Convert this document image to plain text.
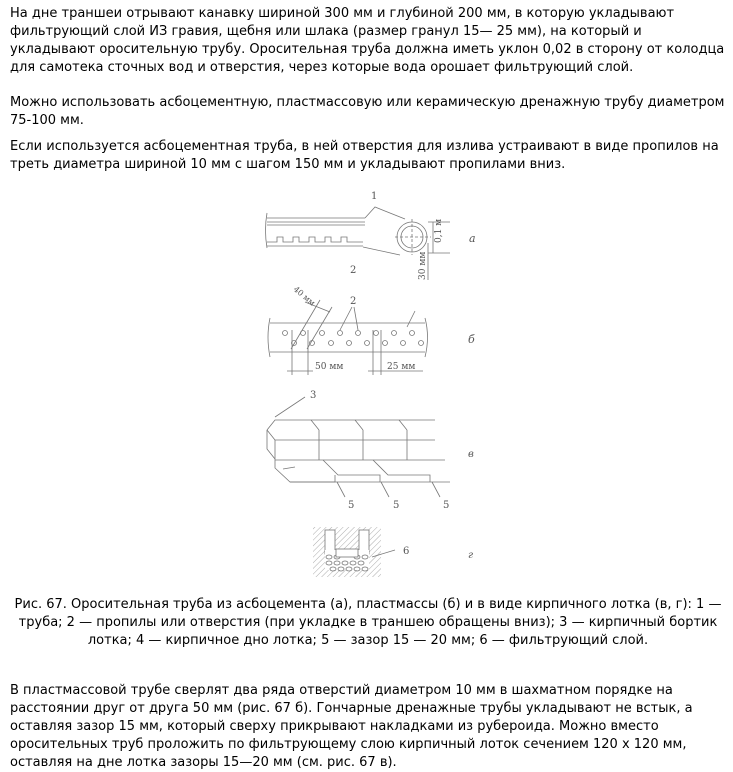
На дне траншеи отрывают канавку шириной 300 мм и глубиной 200 мм, в которую укладывают фильтрующий слой ИЗ гравия, щебня или шлака (размер гранул 15— 25 мм), на который и укладывают оросительную трубу. Оросительная труба должна иметь уклон 0,02 в сторону от колодца для самотека сточных вод и отверстия, через которые вода орошает фильтрующий слой.

Можно использовать асбоцементную, пластмассовую или керамическую дренажную трубу диаметром 75-100 мм.

Если используется асбоцементная труба, в ней отверстия для излива устраивают в виде пропилов на треть диаметра шириной 10 мм с шагом 150 мм и укладывают пропилами вниз.

1
2
0,1 м
30 мм
а
40 мм	2
50 мм	25 мм
б
3
5	5	5
в
6	г

Рис. 67. Оросительная труба из асбоцемента (а), пластмассы (б) и в виде кирпичного лотка (в, г): 1 — труба; 2 — пропилы или отверстия (при укладке в траншею обращены вниз); 3 — кирпичный бортик лотка; 4 — кирпичное дно лотка; 5 — зазор 15 — 20 мм; 6 — фильтрующий слой.

В пластмассовой трубе сверлят два ряда отверстий диаметром 10 мм в шахматном порядке на расстоянии друг от друга 50 мм (рис. 67 б). Гончарные дренажные трубы укладывают не встык, а оставляя зазор 15 мм, который сверху прикрывают накладками из рубероида. Можно вместо оросительных труб проложить по фильтрующему слою кирпичный лоток сечением 120 х 120 мм, оставляя на дне лотка зазоры 15—20 мм (см. рис. 67 в).
